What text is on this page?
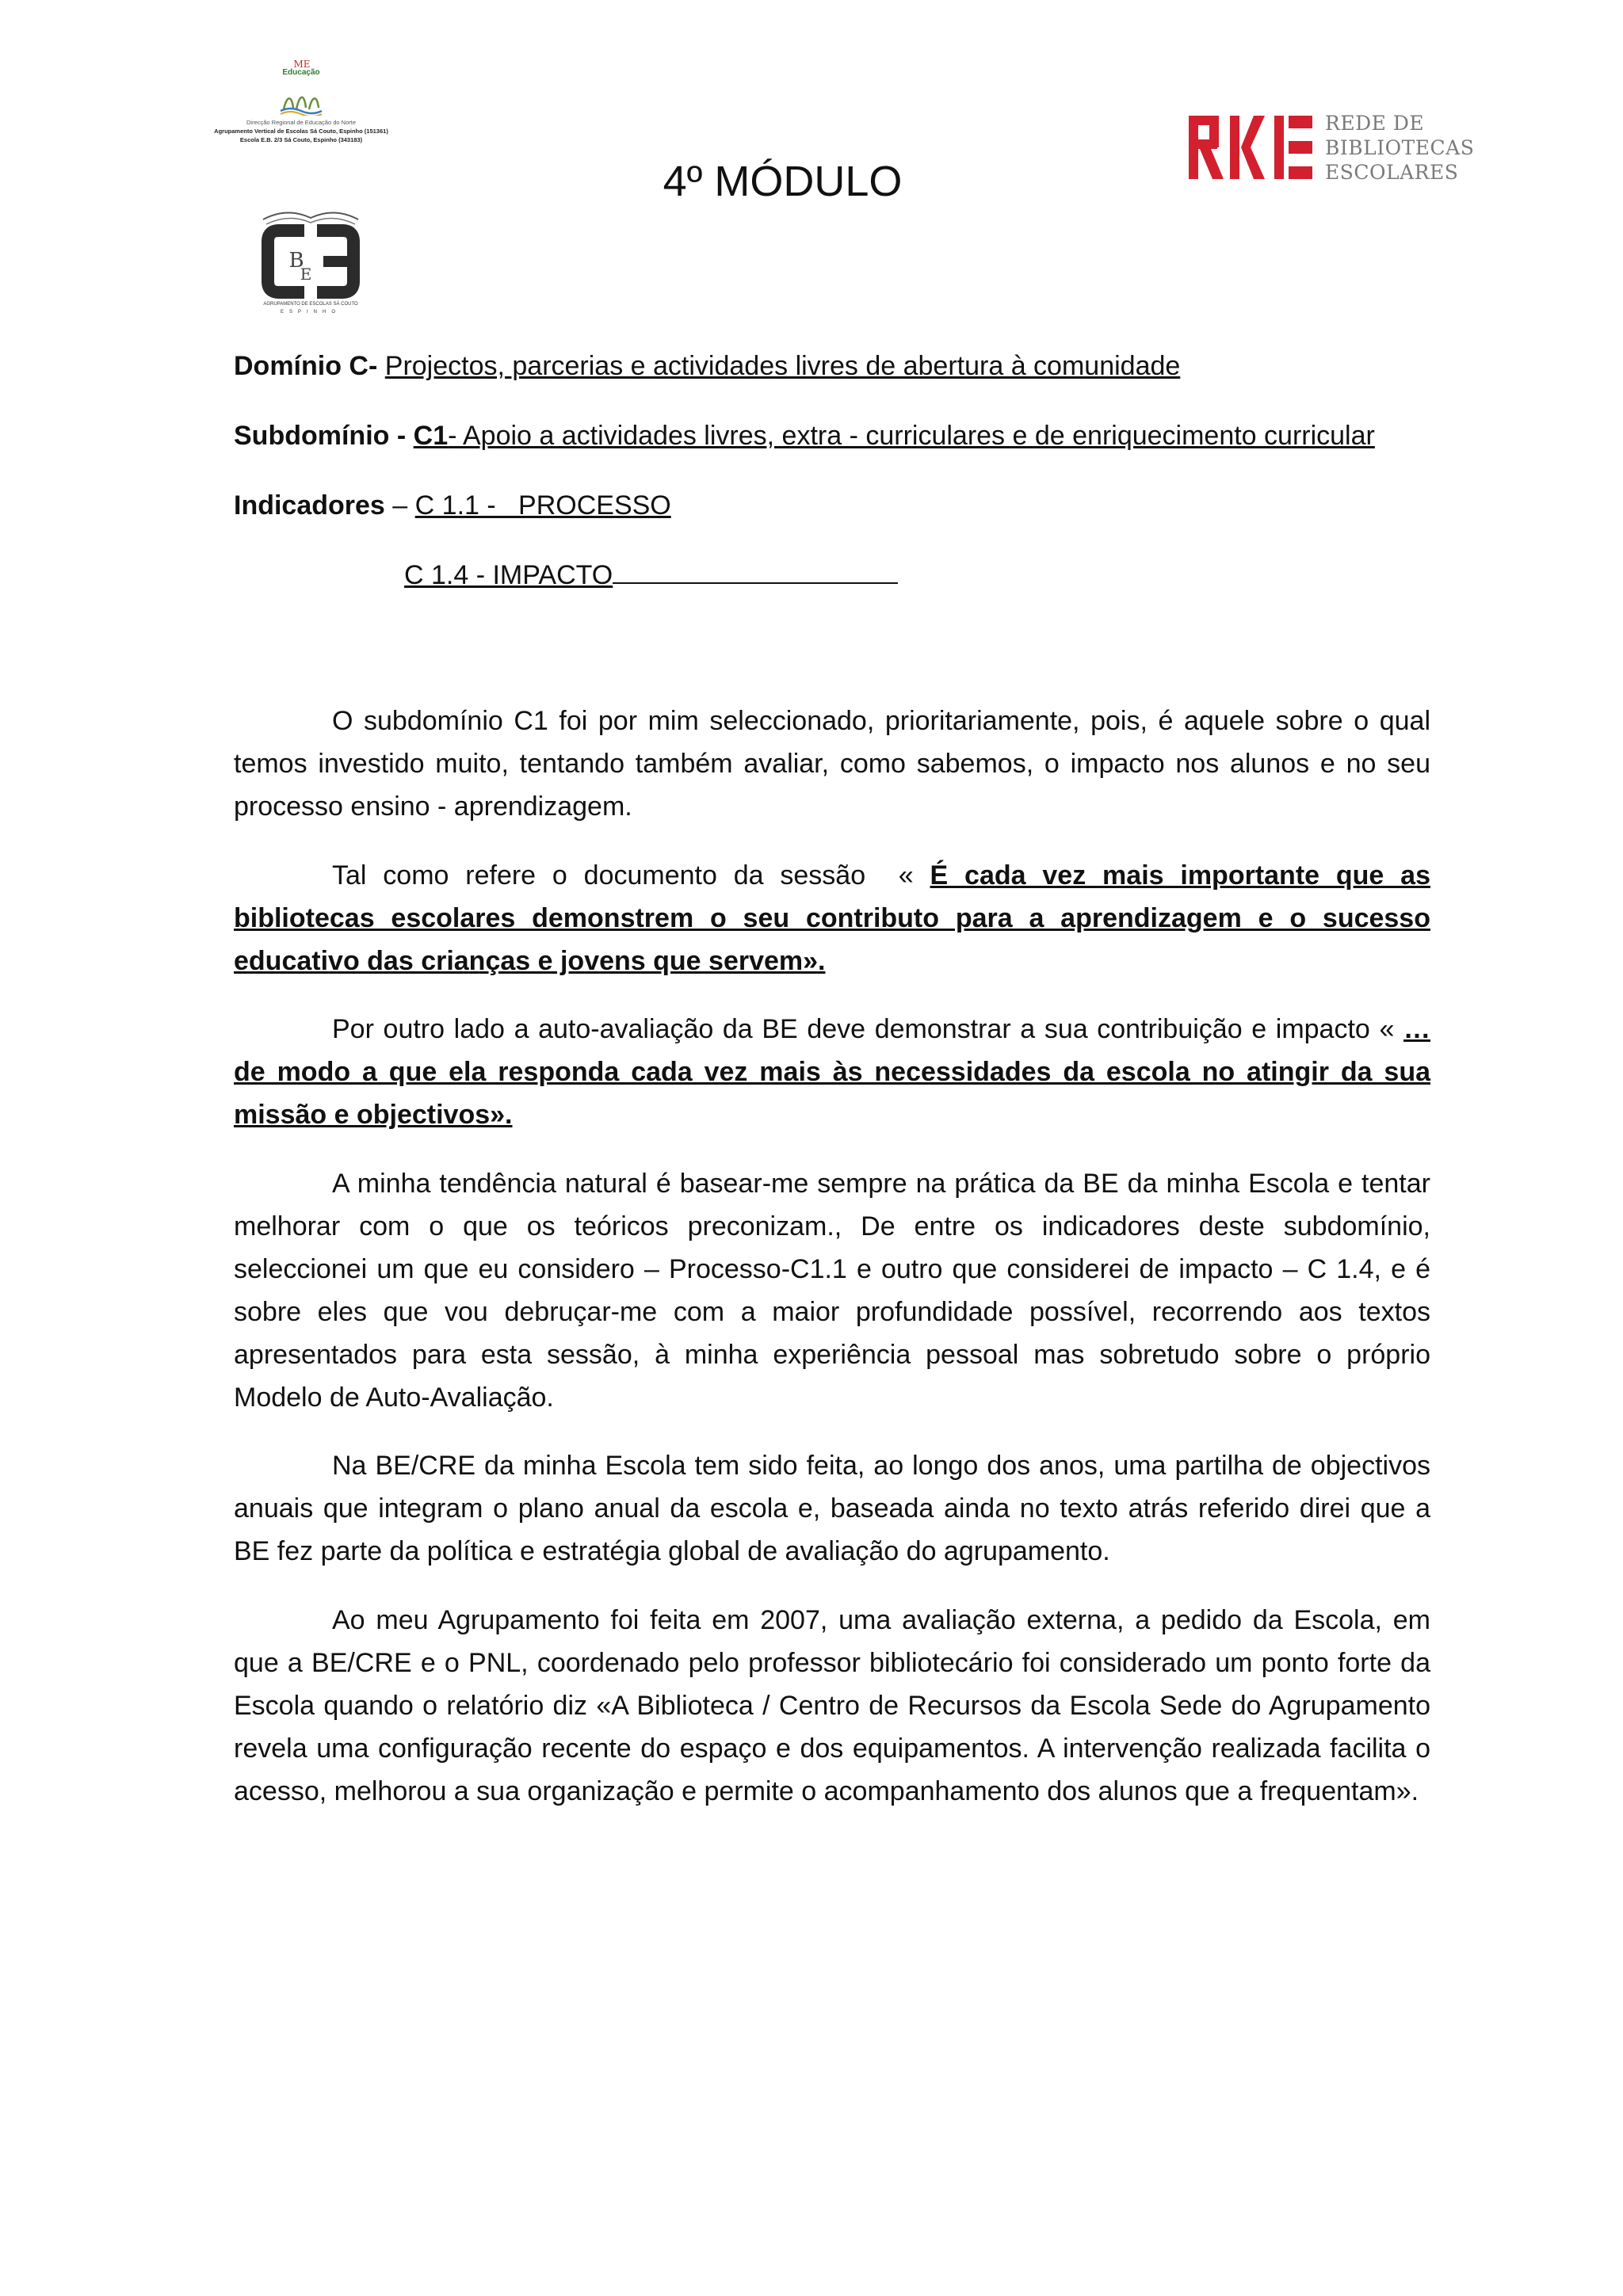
ME
Educação
Direcção Regional de Educação do Norte
Agrupamento Vertical de Escolas Sá Couto, Espinho (151361)
Escola E.B. 2/3 Sá Couto, Espinho (343183)
REDE DE
BIBLIOTECAS
ESCOLARES
4º MÓDULO
B
E
AGRUPAMENTO DE ESCOLAS SÁ COUTO
ESPINHO
Domínio C- Projectos, parcerias e actividades livres de abertura à comunidade
Subdomínio - C1- Apoio a actividades livres, extra - curriculares e de enriquecimento curricular
Indicadores – C 1.1 -   PROCESSO
C 1.4 - IMPACTO
O subdomínio C1 foi por mim seleccionado, prioritariamente, pois, é aquele sobre o qual temos investido muito, tentando também avaliar, como sabemos, o impacto nos alunos e no seu processo ensino - aprendizagem.
Tal como refere o documento da sessão  « É cada vez mais importante que as bibliotecas escolares demonstrem o seu contributo para a aprendizagem e o sucesso educativo das crianças e jovens que servem».
Por outro lado a auto-avaliação da BE deve demonstrar a sua contribuição e impacto « … de modo a que ela responda cada vez mais às necessidades da escola no atingir da sua missão e objectivos».
A minha tendência natural é basear-me sempre na prática da BE da minha Escola e tentar melhorar com o que os teóricos preconizam., De entre os indicadores deste subdomínio, seleccionei um que eu considero – Processo-C1.1 e outro que considerei de impacto – C 1.4, e é sobre eles que vou debruçar-me com a maior profundidade possível, recorrendo aos textos apresentados para esta sessão, à minha experiência pessoal mas sobretudo sobre o próprio Modelo de Auto-Avaliação.
Na BE/CRE da minha Escola tem sido feita, ao longo dos anos, uma partilha de objectivos anuais que integram o plano anual da escola e, baseada ainda no texto atrás referido direi que a BE fez parte da política e estratégia global de avaliação do agrupamento.
Ao meu Agrupamento foi feita em 2007, uma avaliação externa, a pedido da Escola, em que a BE/CRE e o PNL, coordenado pelo professor bibliotecário foi considerado um ponto forte da Escola quando o relatório diz «A Biblioteca / Centro de Recursos da Escola Sede do Agrupamento revela uma configuração recente do espaço e dos equipamentos. A intervenção realizada facilita o acesso, melhorou a sua organização e permite o acompanhamento dos alunos que a frequentam».
